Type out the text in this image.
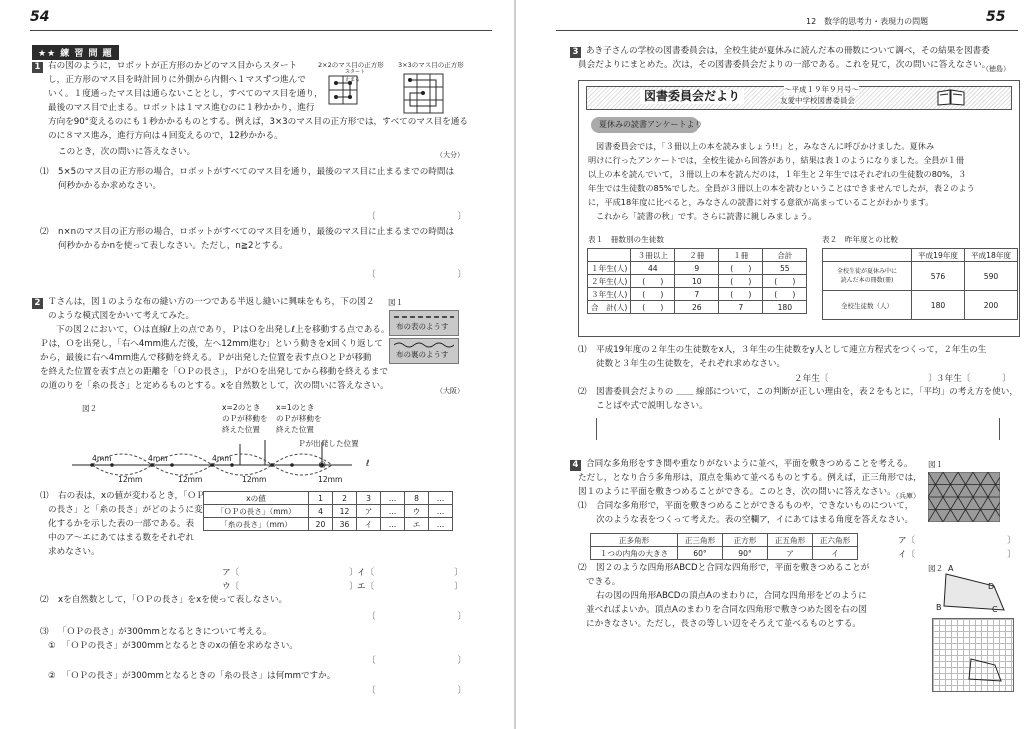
54
★★ 練 習 問 題
1 右の図のように，ロボットが正方形のかどのマス目からスタート
し，正方形のマス目を時計回りに外側から内側へ１マスずつ進んで
いく。１度通ったマス目は通らないこととし，すべてのマス目を通り，
最後のマス目で止まる。ロボットは１マス進むのに１秒かかり，進行
方向を90°変えるのにも１秒かかるものとする。例えば，3×3のマス目の正方形では，すべてのマス目を通る
のに８マス進み，進行方向は４回変えるので，12秒かかる。
このとき，次の問いに答えなさい。	（大分）
2×2のマス目の正方形 3×3のマス目の正方形
スタート
止まる
⑴ 5×5のマス目の正方形の場合，ロボットがすべてのマス目を通り，最後のマス目に止まるまでの時間は
何秒かかるか求めなさい。
〔	〕
⑵ n×nのマス目の正方形の場合，ロボットがすべてのマス目を通り，最後のマス目に止まるまでの時間は
何秒かかるかnを使って表しなさい。ただし，n≧2とする。
〔	〕
2 Ｔさんは，図１のような布の縫い方の一つである半返し縫いに興味をもち，下の図２
のような模式図をかいて考えてみた。
下の図２において，Ｏは直線ℓ上の点であり，ＰはＯを出発しℓ上を移動する点である。
Ｐは，Ｏを出発し，「右へ4mm進んだ後，左へ12mm進む」という動きをx回くり返して
から，最後に右へ4mm進んで移動を終える。Ｐが出発した位置を表す点ＯとＰが移動
を終えた位置を表す点との距離を「ＯＰの長さ」，ＰがＯを出発してから移動を終えるまで
の道のりを「糸の長さ」と定めるものとする。xを自然数として，次の問いに答えなさい。	（大阪）
図１
布の表のようす
布の裏のようす
図２	x=2のとき
のＰが移動を
終えた位置
x=1のとき
のＰが移動を
終えた位置
Ｐが出発した位置
4mm	4mm	4mm
12mm	12mm	12mm	12mm
Ｏ	ℓ
⑴ 右の表は，xの値が変わるとき，「ＯＰ
の長さ」と「糸の長さ」がどのように変
化するかを示した表の一部である。表
中のア～エにあてはまる数をそれぞれ
求めなさい。
xの値	1	2	3	…	8	…
「ＯＰの長さ」（mm）	4	12	ア	…	ウ	…
「糸の長さ」（mm）	20	36	イ	…	エ	…
ア〔	〕 イ〔	〕
ウ〔	〕 エ〔	〕
⑵ xを自然数として，「ＯＰの長さ」をxを使って表しなさい。
〔	〕
⑶ 「ＯＰの長さ」が300mmとなるときについて考える。
① 「ＯＰの長さ」が300mmとなるときのxの値を求めなさい。
〔	〕
② 「ＯＰの長さ」が300mmとなるときの「糸の長さ」は何mmですか。
〔	〕
12　数学的思考力・表現力の問題	55
3 あき子さんの学校の図書委員会は，全校生徒が夏休みに読んだ本の冊数について調べ，その結果を図書委
員会だよりにまとめた。次は，その図書委員会だよりの一部である。これを見て，次の問いに答えなさい。
（徳島）
図書委員会だより	～平成１９年９月号～
友愛中学校図書委員会
夏休みの読書アンケートより
図書委員会では，「３冊以上の本を読みましょう!!」と，みなさんに呼びかけました。夏休み
明けに行ったアンケートでは，全校生徒から回答があり，結果は表１のようになりました。全員が１冊
以上の本を読んでいて，３冊以上の本を読んだのは，１年生と２年生ではそれぞれの生徒数の80%，３
年生では生徒数の85%でした。全員が３冊以上の本を読むということはできませんでしたが，表２のよう
に，平成18年度に比べると，みなさんの読書に対する意欲が高まっていることがわかります。
これから「読書の秋」です。さらに読書に親しみましょう。
表１　冊数別の生徒数
	３冊以上	２冊	１冊	合計
１年生(人)	44	9	(　　)	55
２年生(人)	(　　)	10	(　　)	(　　)
３年生(人)	(　　)	7	(　　)	(　　)
合　計(人)	(　　)	26	7	180
表２　昨年度との比較
	平成19年度	平成18年度
全校生徒が夏休み中に
読んだ本の冊数(冊)	576	590
全校生徒数（人）	180	200
⑴ 平成19年度の２年生の生徒数をx人，３年生の生徒数をy人として連立方程式をつくって，２年生の生
徒数と３年生の生徒数を，それぞれ求めなさい。
２年生〔	〕 ３年生〔	〕
⑵ 図書委員会だよりの ＿＿ 線部について，この判断が正しい理由を，表２をもとに，「平均」の考え方を使い，
ことばや式で説明しなさい。
4 合同な多角形をすき間や重なりがないように並べ，平面を敷きつめることを考える。
ただし，となり合う多角形は，頂点を集めて並べるものとする。例えば，正三角形では，
図１のように平面を敷きつめることができる。このとき，次の問いに答えなさい。
（兵庫）
図１
⑴ 合同な多角形で，平面を敷きつめることができるものや，できないものについて，
次のような表をつくって考えた。表の空欄ア，イにあてはまる角度を答えなさい。
正多角形	正三角形	正方形	正五角形	正六角形
１つの内角の大きさ	60°	90°	ア	イ
ア〔	〕
イ〔	〕
⑵ 図２のような四角形ABCDと合同な四角形で，平面を敷きつめることが
できる。
右の図の四角形ABCDの頂点Aのまわりに，合同な四角形をどのように
並べればよいか。頂点Aのまわりを合同な四角形で敷きつめた図を右の図
にかきなさい。ただし，長さの等しい辺をそろえて並べるものとする。
図２ A
B	C
D
